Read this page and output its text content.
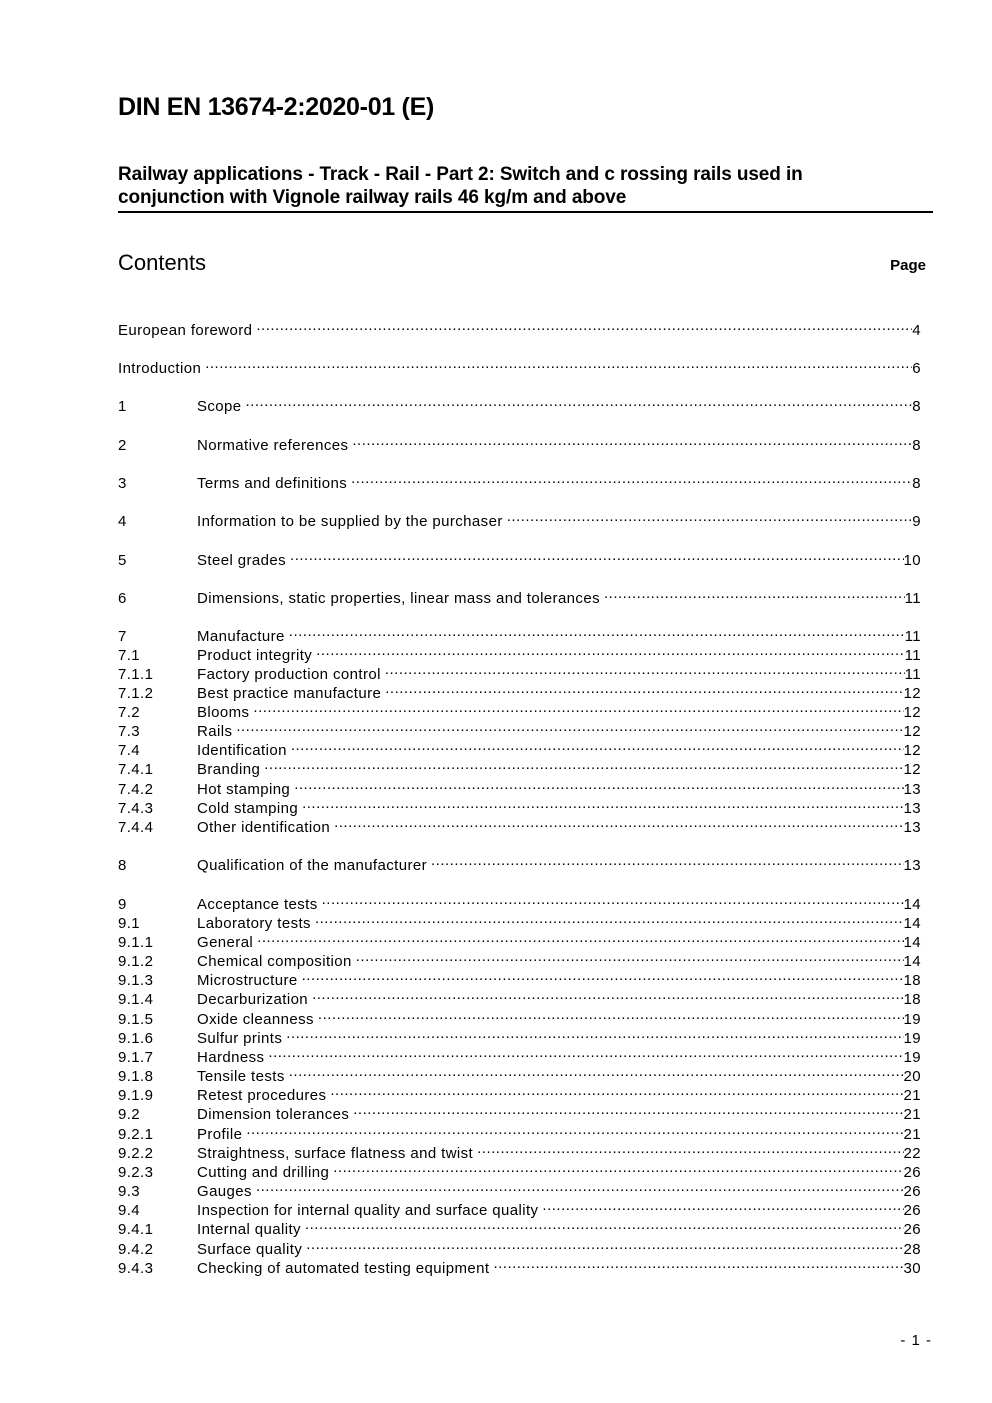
DIN EN 13674-2:2020-01 (E)

Railway applications - Track - Rail - Part 2: Switch and c rossing rails used in

conjunction with Vignole railway rails 46 kg/m and above

Contents	Page
European foreword .....	4
Introduction .....	6
1	Scope .....	8
2	Normative references .....	8
3	Terms and definitions .....	8
4	Information to be supplied by the purchaser .....	9
5	Steel grades .....	10
6	Dimensions, static properties, linear mass and tolerances .....	11
7	Manufacture .....	11
7.1	Product integrity .....	11
7.1.1	Factory production control .....	11
7.1.2	Best practice manufacture .....	12
7.2	Blooms .....	12
7.3	Rails .....	12
7.4	Identification .....	12
7.4.1	Branding .....	12
7.4.2	Hot stamping .....	13
7.4.3	Cold stamping .....	13
7.4.4	Other identification .....	13
8	Qualification of the manufacturer .....	13
9	Acceptance tests .....	14
9.1	Laboratory tests .....	14
9.1.1	General .....	14
9.1.2	Chemical composition .....	14
9.1.3	Microstructure .....	18
9.1.4	Decarburization .....	18
9.1.5	Oxide cleanness .....	19
9.1.6	Sulfur prints .....	19
9.1.7	Hardness .....	19
9.1.8	Tensile tests .....	20
9.1.9	Retest procedures .....	21
9.2	Dimension tolerances .....	21
9.2.1	Profile .....	21
9.2.2	Straightness, surface flatness and twist .....	22
9.2.3	Cutting and drilling .....	26
9.3	Gauges .....	26
9.4	Inspection for internal quality and surface quality .....	26
9.4.1	Internal quality .....	26
9.4.2	Surface quality .....	28
9.4.3	Checking of automated testing equipment .....	30
- 1 -
